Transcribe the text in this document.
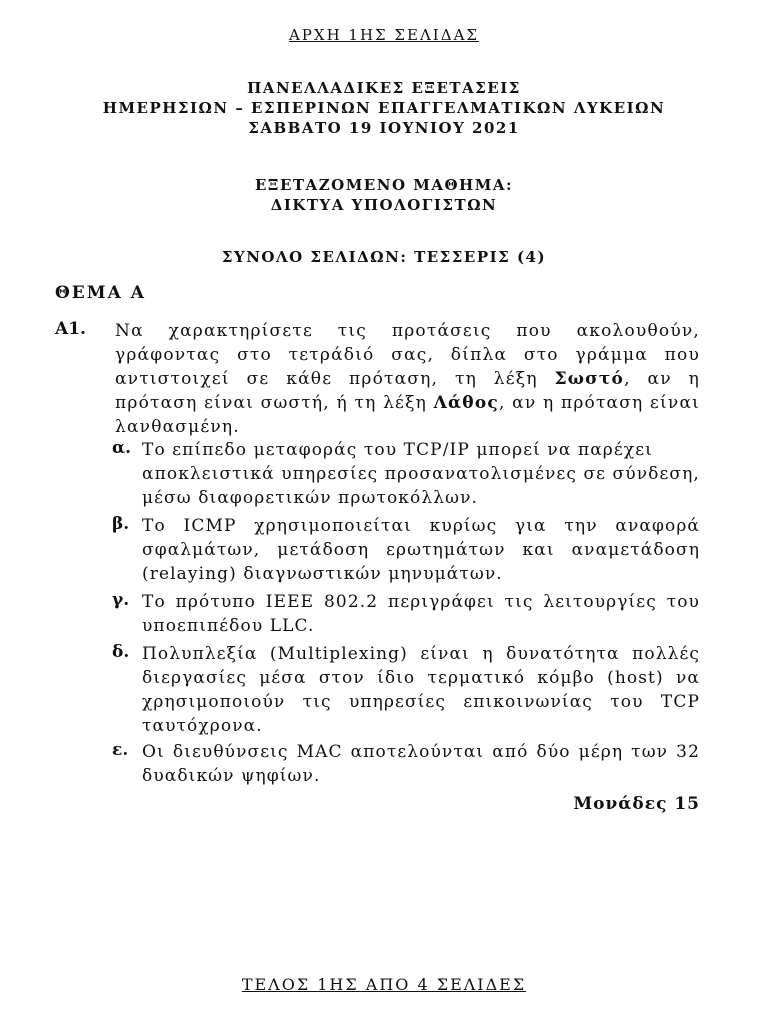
ΑΡΧΗ 1ΗΣ ΣΕΛΙΔΑΣ
ΠΑΝΕΛΛΑΔΙΚΕΣ ΕΞΕΤΑΣΕΙΣ
ΗΜΕΡΗΣΙΩΝ – ΕΣΠΕΡΙΝΩΝ ΕΠΑΓΓΕΛΜΑΤΙΚΩΝ ΛΥΚΕΙΩΝ
ΣΑΒΒΑΤΟ 19 ΙΟΥΝΙΟΥ 2021
ΕΞΕΤΑΖΟΜΕΝΟ ΜΑΘΗΜΑ:
ΔΙΚΤΥΑ ΥΠΟΛΟΓΙΣΤΩΝ
ΣΥΝΟΛΟ ΣΕΛΙΔΩΝ: ΤΕΣΣΕΡΙΣ (4)
ΘΕΜΑ Α
Α1. Να χαρακτηρίσετε τις προτάσεις που ακολουθούν, γράφοντας στο τετράδιό σας, δίπλα στο γράμμα που αντιστοιχεί σε κάθε πρόταση, τη λέξη Σωστό, αν η πρόταση είναι σωστή, ή τη λέξη Λάθος, αν η πρόταση είναι λανθασμένη.
α. Το επίπεδο μεταφοράς του TCP/IP μπορεί να παρέχει αποκλειστικά υπηρεσίες προσανατολισμένες σε σύνδεση, μέσω διαφορετικών πρωτοκόλλων.
β. Το ICMP χρησιμοποιείται κυρίως για την αναφορά σφαλμάτων, μετάδοση ερωτημάτων και αναμετάδοση (relaying) διαγνωστικών μηνυμάτων.
γ. Το πρότυπο IEEE 802.2 περιγράφει τις λειτουργίες του υποεπιπέδου LLC.
δ. Πολυπλεξία (Multiplexing) είναι η δυνατότητα πολλές διεργασίες μέσα στον ίδιο τερματικό κόμβο (host) να χρησιμοποιούν τις υπηρεσίες επικοινωνίας του TCP ταυτόχρονα.
ε. Οι διευθύνσεις MAC αποτελούνται από δύο μέρη των 32 δυαδικών ψηφίων.
Μονάδες 15
ΤΕΛΟΣ 1ΗΣ ΑΠΟ 4 ΣΕΛΙΔΕΣ
